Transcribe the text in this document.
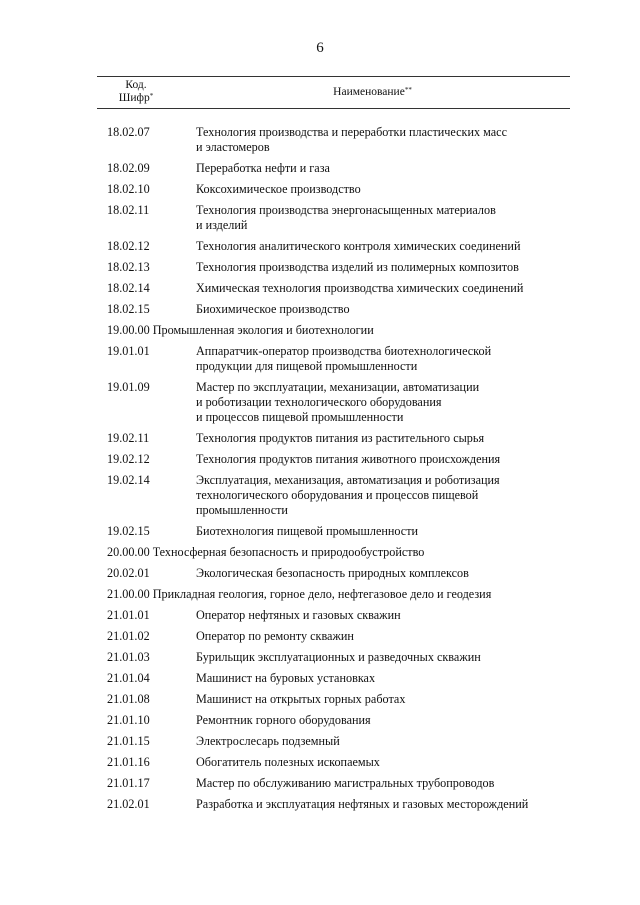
6
Код.
Шифр*	Наименование**
18.02.07	Технология производства и переработки пластических масс
и эластомеров
18.02.09	Переработка нефти и газа
18.02.10	Коксохимическое производство
18.02.11	Технология производства энергонасыщенных материалов
и изделий
18.02.12	Технология аналитического контроля химических соединений
18.02.13	Технология производства изделий из полимерных композитов
18.02.14	Химическая технология производства химических соединений
18.02.15	Биохимическое производство
19.00.00 Промышленная экология и биотехнологии
19.01.01	Аппаратчик-оператор производства биотехнологической
продукции для пищевой промышленности
19.01.09	Мастер по эксплуатации, механизации, автоматизации
и роботизации технологического оборудования
и процессов пищевой промышленности
19.02.11	Технология продуктов питания из растительного сырья
19.02.12	Технология продуктов питания животного происхождения
19.02.14	Эксплуатация, механизация, автоматизация и роботизация
технологического оборудования и процессов пищевой
промышленности
19.02.15	Биотехнология пищевой промышленности
20.00.00 Техносферная безопасность и природообустройство
20.02.01	Экологическая безопасность природных комплексов
21.00.00 Прикладная геология, горное дело, нефтегазовое дело и геодезия
21.01.01	Оператор нефтяных и газовых скважин
21.01.02	Оператор по ремонту скважин
21.01.03	Бурильщик эксплуатационных и разведочных скважин
21.01.04	Машинист на буровых установках
21.01.08	Машинист на открытых горных работах
21.01.10	Ремонтник горного оборудования
21.01.15	Электрослесарь подземный
21.01.16	Обогатитель полезных ископаемых
21.01.17	Мастер по обслуживанию магистральных трубопроводов
21.02.01	Разработка и эксплуатация нефтяных и газовых месторождений
